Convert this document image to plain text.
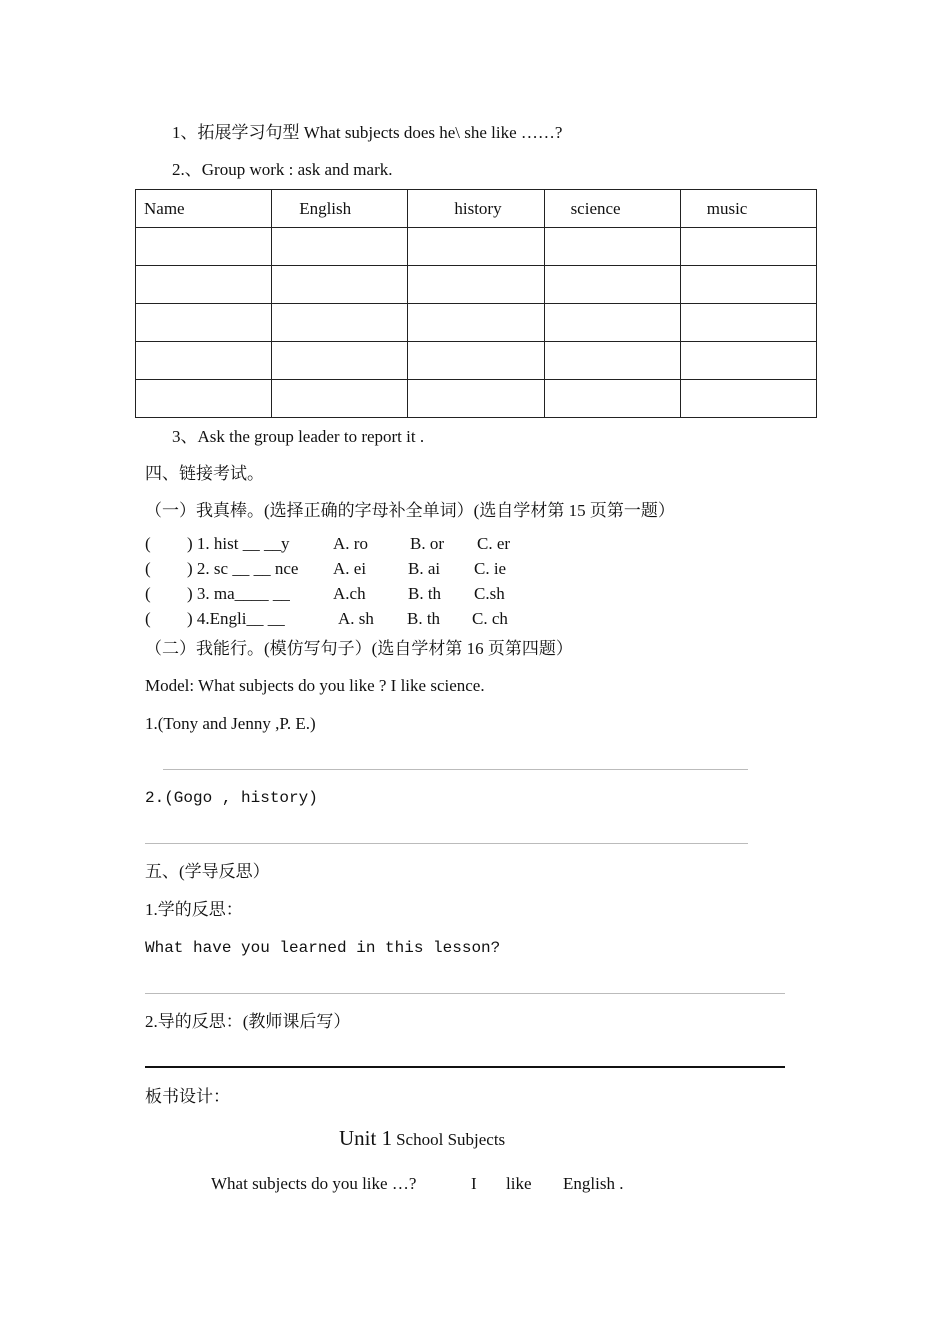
1、拓展学习句型 What subjects does he\ she like ……?
2.、Group work : ask and mark.
Name	English	history	science	music

3、Ask the group leader to report it .
四、链接考试。
（一）我真棒。(选择正确的字母补全单词）(选自学材第 15 页第一题）
( ) 1. hist __ __y	A. ro B. or C. er
( ) 2. sc __ __ nce A. ei B. ai C. ie
( ) 3. ma____ __	A.ch B. th C.sh
( ) 4.Engli__ __	A. sh B. th C. ch
（二）我能行。(模仿写句子）(选自学材第 16 页第四题）
Model: What subjects do you like ? I like science.
1.(Tony and Jenny ,P. E.)
2.(Gogo , history)
五、(学导反思）
1.学的反思：
What have you learned in this lesson?
2.导的反思：(教师课后写）
板书设计：
Unit 1 School Subjects
What subjects do you like …?	I like English .
